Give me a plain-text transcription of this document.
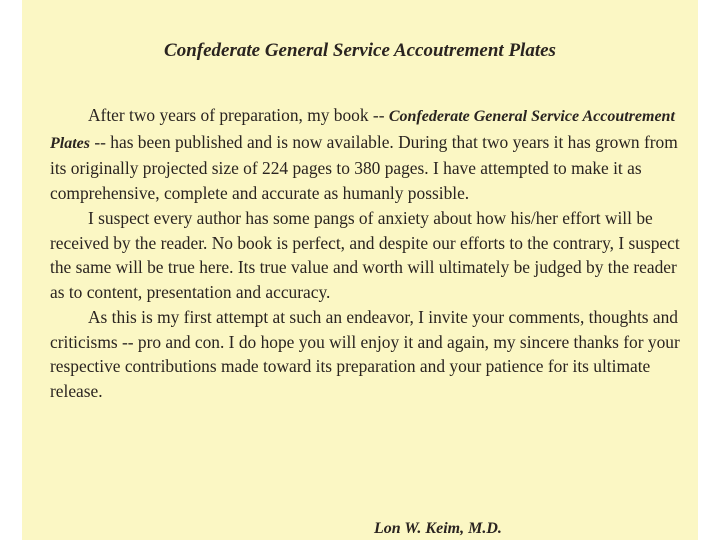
Confederate General Service Accoutrement Plates

After two years of preparation, my book -- Confederate General Service Accoutrement Plates -- has been published and is now available. During that two years it has grown from its originally projected size of 224 pages to 380 pages. I have attempted to make it as comprehensive, complete and accurate as humanly possible.

I suspect every author has some pangs of anxiety about how his/her effort will be received by the reader. No book is perfect, and despite our efforts to the contrary, I suspect the same will be true here. Its true value and worth will ultimately be judged by the reader as to content, presentation and accuracy.

As this is my first attempt at such an endeavor, I invite your comments, thoughts and criticisms -- pro and con. I do hope you will enjoy it and again, my sincere thanks for your respective contributions made toward its preparation and your patience for its ultimate release.

Lon W. Keim, M.D.
